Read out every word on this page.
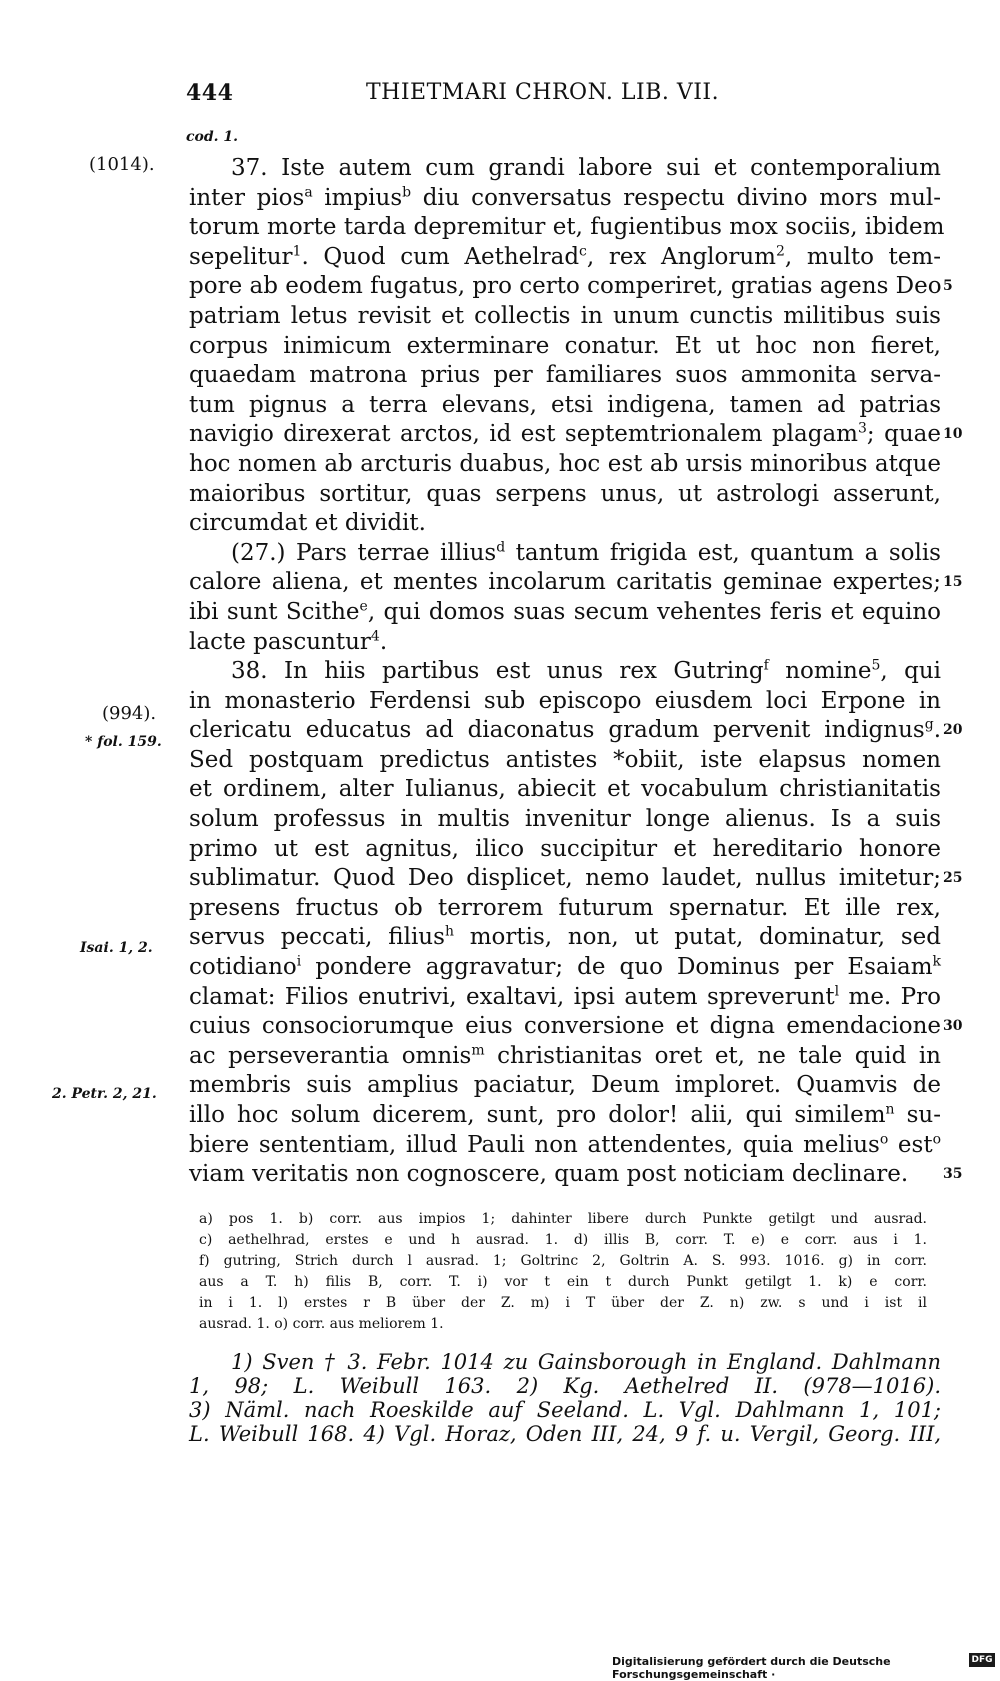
444	THIETMARI CHRON. LIB. VII.
cod. 1.
(1014).
(994).
* fol. 159.
Isai. 1, 2.
2. Petr. 2, 21.
37. Iste autem cum grandi labore sui et contemporalium
inter pios$^a$ impius$^b$ diu conversatus respectu divino mors mul-
torum morte tarda depremitur et, fugientibus mox sociis, ibidem
sepelitur$^1$. Quod cum Aethelrad$^c$, rex Anglorum$^2$, multo tem-
pore ab eodem fugatus, pro certo comperiret, gratias agens Deo 5
patriam letus revisit et collectis in unum cunctis militibus suis
corpus inimicum exterminare conatur. Et ut hoc non fieret,
quaedam matrona prius per familiares suos ammonita serva-
tum pignus a terra elevans, etsi indigena, tamen ad patrias
navigio direxerat arctos, id est septemtrionalem plagam$^3$; quae 10
hoc nomen ab arcturis duabus, hoc est ab ursis minoribus atque
maioribus sortitur, quas serpens unus, ut astrologi asserunt,
circumdat et dividit.
(27.) Pars terrae illius$^d$ tantum frigida est, quantum a solis
calore aliena, et mentes incolarum caritatis geminae expertes; 15
ibi sunt Scithe$^e$, qui domos suas secum vehentes feris et equino
lacte pascuntur$^4$.
38. In hiis partibus est unus rex Gutring$^f$ nomine$^5$, qui
in monasterio Ferdensi sub episcopo eiusdem loci Erpone in
clericatu educatus ad diaconatus gradum pervenit indignus$^g$. 20
Sed postquam predictus antistes *obiit, iste elapsus nomen
et ordinem, alter Iulianus, abiecit et vocabulum christianitatis
solum professus in multis invenitur longe alienus. Is a suis
primo ut est agnitus, ilico succipitur et hereditario honore
sublimatur. Quod Deo displicet, nemo laudet, nullus imitetur; 25
presens fructus ob terrorem futurum spernatur. Et ille rex,
servus peccati, filius$^h$ mortis, non, ut putat, dominatur, sed
cotidiano$^i$ pondere aggravatur; de quo Dominus per Esaiam$^k$
clamat: Filios enutrivi, exaltavi, ipsi autem spreverunt$^l$ me. Pro
cuius consociorumque eius conversione et digna emendacione 30
ac perseverantia omnis$^m$ christianitas oret et, ne tale quid in
membris suis amplius paciatur, Deum imploret. Quamvis de
illo hoc solum dicerem, sunt, pro dolor! alii, qui similem$^n$ su-
biere sententiam, illud Pauli non attendentes, quia melius$^o$ est$^o$
viam veritatis non cognoscere, quam post noticiam declinare. 35
a) pos 1. b) corr. aus impios 1; dahinter libere durch Punkte getilgt und ausrad.
c) aethelhrad, erstes e und h ausrad. 1. d) illis B, corr. T. e) e corr. aus i 1.
f) gutring, Strich durch l ausrad. 1; Goltrinc 2, Goltrin A. S. 993. 1016. g) in corr.
aus a T. h) filis B, corr. T. i) vor t ein t durch Punkt getilgt 1. k) e corr.
in i 1. l) erstes r B über der Z. m) i T über der Z. n) zw. s und i ist il
ausrad. 1. o) corr. aus meliorem 1.
1) Sven † 3. Febr. 1014 zu Gainsborough in England. Dahlmann
1, 98; L. Weibull 163. 2) Kg. Aethelred II. (978—1016).
3) Näml. nach Roeskilde auf Seeland. L. Vgl. Dahlmann 1, 101;
L. Weibull 168. 4) Vgl. Horaz, Oden III, 24, 9 f. u. Vergil, Georg. III,
Digitalisierung gefördert durch die Deutsche Forschungsgemeinschaft ·
DFG
